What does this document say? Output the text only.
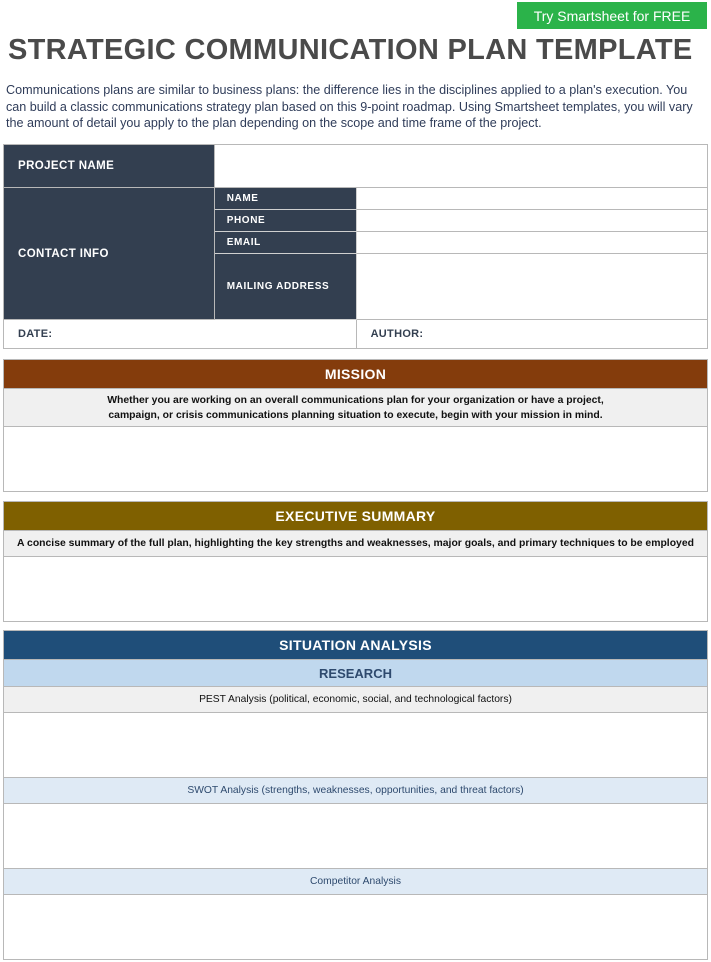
Try Smartsheet for FREE
STRATEGIC COMMUNICATION PLAN TEMPLATE

Communications plans are similar to business plans: the difference lies in the disciplines applied to a plan's execution. You can build a classic communications strategy plan based on this 9-point roadmap. Using Smartsheet templates, you will vary the amount of detail you apply to the plan depending on the scope and time frame of the project.

PROJECT NAME		
CONTACT INFO	NAME	
	PHONE	
	EMAIL	
	MAILING ADDRESS	
DATE:		AUTHOR:
MISSION

Whether you are working on an overall communications plan for your organization or have a project,
campaign, or crisis communications planning situation to execute, begin with your mission in mind.

EXECUTIVE SUMMARY
A concise summary of the full plan, highlighting the key strengths and weaknesses, major goals, and primary techniques to be employed

SITUATION ANALYSIS
RESEARCH
PEST Analysis (political, economic, social, and technological factors)

SWOT Analysis (strengths, weaknesses, opportunities, and threat factors)

Competitor Analysis
